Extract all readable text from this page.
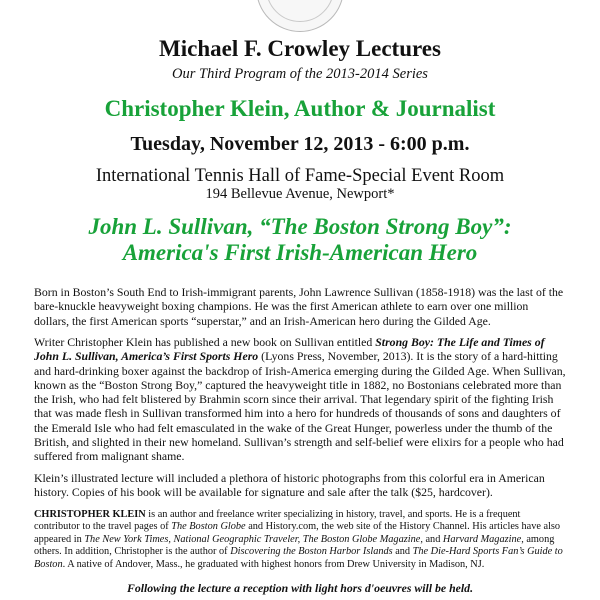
Michael F. Crowley Lectures
Our Third Program of the 2013-2014 Series
Christopher Klein, Author & Journalist
Tuesday, November 12, 2013 - 6:00 p.m.
International Tennis Hall of Fame-Special Event Room
194 Bellevue Avenue, Newport*
John L. Sullivan, “The Boston Strong Boy”:
America's First Irish-American Hero

Born in Boston’s South End to Irish-immigrant parents, John Lawrence Sullivan (1858-1918) was the last of the bare-knuckle heavyweight boxing champions. He was the first American athlete to earn over one million dollars, the first American sports “superstar,” and an Irish-American hero during the Gilded Age.

Writer Christopher Klein has published a new book on Sullivan entitled Strong Boy: The Life and Times of John L. Sullivan, America’s First Sports Hero (Lyons Press, November, 2013). It is the story of a hard-hitting and hard-drinking boxer against the backdrop of Irish-America emerging during the Gilded Age. When Sullivan, known as the “Boston Strong Boy,” captured the heavyweight title in 1882, no Bostonians celebrated more than the Irish, who had felt blistered by Brahmin scorn since their arrival. That legendary spirit of the fighting Irish that was made flesh in Sullivan transformed him into a hero for hundreds of thousands of sons and daughters of the Emerald Isle who had felt emasculated in the wake of the Great Hunger, powerless under the thumb of the British, and slighted in their new homeland. Sullivan’s strength and self-belief were elixirs for a people who had suffered from malignant shame.

Klein’s illustrated lecture will included a plethora of historic photographs from this colorful era in American history. Copies of his book will be available for signature and sale after the talk ($25, hardcover).

CHRISTOPHER KLEIN is an author and freelance writer specializing in history, travel, and sports. He is a frequent contributor to the travel pages of The Boston Globe and History.com, the web site of the History Channel. His articles have also appeared in The New York Times, National Geographic Traveler, The Boston Globe Magazine, and Harvard Magazine, among others. In addition, Christopher is the author of Discovering the Boston Harbor Islands and The Die-Hard Sports Fan’s Guide to Boston. A native of Andover, Mass., he graduated with highest honors from Drew University in Madison, NJ.

Following the lecture a reception with light hors d'oeuvres will be held.
